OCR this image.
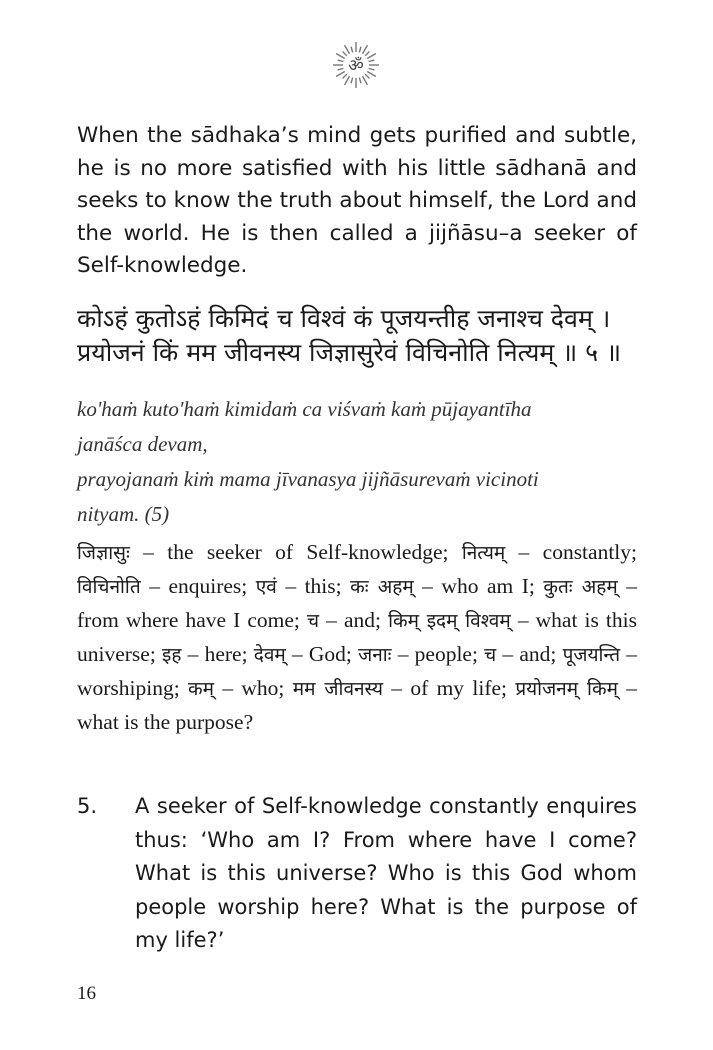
ॐ

When the sādhaka’s mind gets purified and subtle, he is no more satisfied with his little sādhanā and seeks to know the truth about himself, the Lord and the world. He is then called a jijñāsu–a seeker of Self-knowledge.

कोऽहं कुतोऽहं किमिदं च विश्वं कं पूजयन्तीह जनाश्च देवम् ।
प्रयोजनं किं मम जीवनस्य जिज्ञासुरेवं विचिनोति नित्यम् ॥ ५ ॥
ko'haṁ kuto'haṁ kimidaṁ ca viśvaṁ kaṁ pūjayantīha
janāśca devam,
prayojanaṁ kiṁ mama jīvanasya jijñāsurevaṁ vicinoti
nityam. (5)

जिज्ञासुः – the seeker of Self-knowledge; नित्यम् – constantly; विचिनोति – enquires; एवं – this; कः अहम् – who am I; कुतः अहम् – from where have I come; च – and; किम् इदम् विश्वम् – what is this universe; इह – here; देवम् – God; जनाः – people; च – and; पूजयन्ति – worshiping; कम् – who; मम जीवनस्य – of my life; प्रयोजनम् किम् – what is the purpose?

5. A seeker of Self-knowledge constantly enquires thus: ‘Who am I? From where have I come? What is this universe? Who is this God whom people worship here? What is the purpose of my life?’
16
